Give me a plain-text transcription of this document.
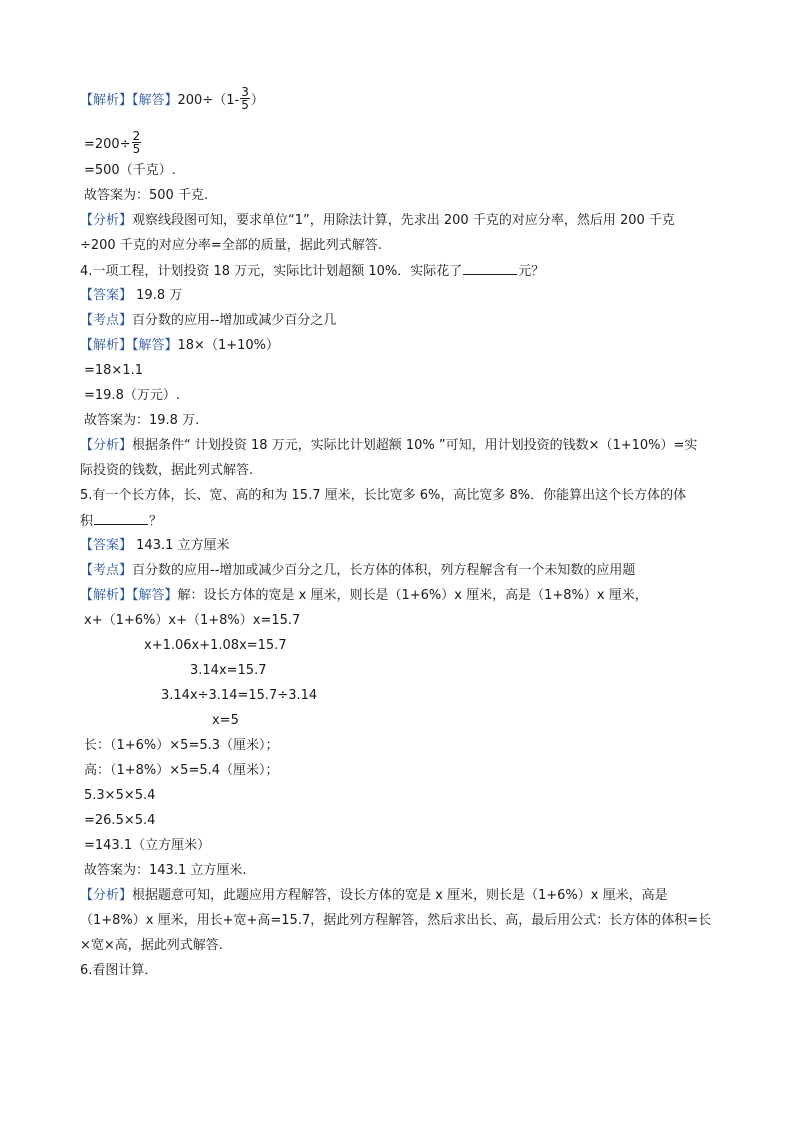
【解析】【解答】$200\div(1- \frac{3}{5}$ ）
$=200\div \frac{2}{5}$
=500（千克）.
故答案为：500 千克.
【分析】观察线段图可知，要求单位“1”，用除法计算，先求出 200 千克的对应分率，然后用 200 千克
÷200 千克的对应分率=全部的质量，据此列式解答.
4.一项工程，计划投资 18 万元，实际比计划超额 10%．实际花了	元？
【答案】 19.8 万
【考点】百分数的应用--增加或减少百分之几
【解析】【解答】18×（1+10%）
=18×1.1
=19.8（万元）.
故答案为：19.8 万.
【分析】根据条件“ 计划投资 18 万元，实际比计划超额 10% ”可知，用计划投资的钱数×（1+10%）=实
际投资的钱数，据此列式解答.
5.有一个长方体，长、宽、高的和为 15.7 厘米，长比宽多 6%，高比宽多 8%．你能算出这个长方体的体
积	？
【答案】 143.1 立方厘米
【考点】百分数的应用--增加或减少百分之几，长方体的体积，列方程解含有一个未知数的应用题
【解析】【解答】解：设长方体的宽是 x 厘米，则长是（1+6%）x 厘米，高是（1+8%）x 厘米，
x+（1+6%）x+（1+8%）x=15.7
x+1.06x+1.08x=15.7
3.14x=15.7
3.14x÷3.14=15.7÷3.14
x=5
长：（1+6%）×5=5.3（厘米）；
高：（1+8%）×5=5.4（厘米）；
5.3×5×5.4
=26.5×5.4
=143.1（立方厘米）
故答案为：143.1 立方厘米.
【分析】根据题意可知，此题应用方程解答，设长方体的宽是 x 厘米，则长是（1+6%）x 厘米，高是
（1+8%）x 厘米，用长+宽+高=15.7，据此列方程解答，然后求出长、高，最后用公式：长方体的体积=长
×宽×高，据此列式解答.
6.看图计算．
